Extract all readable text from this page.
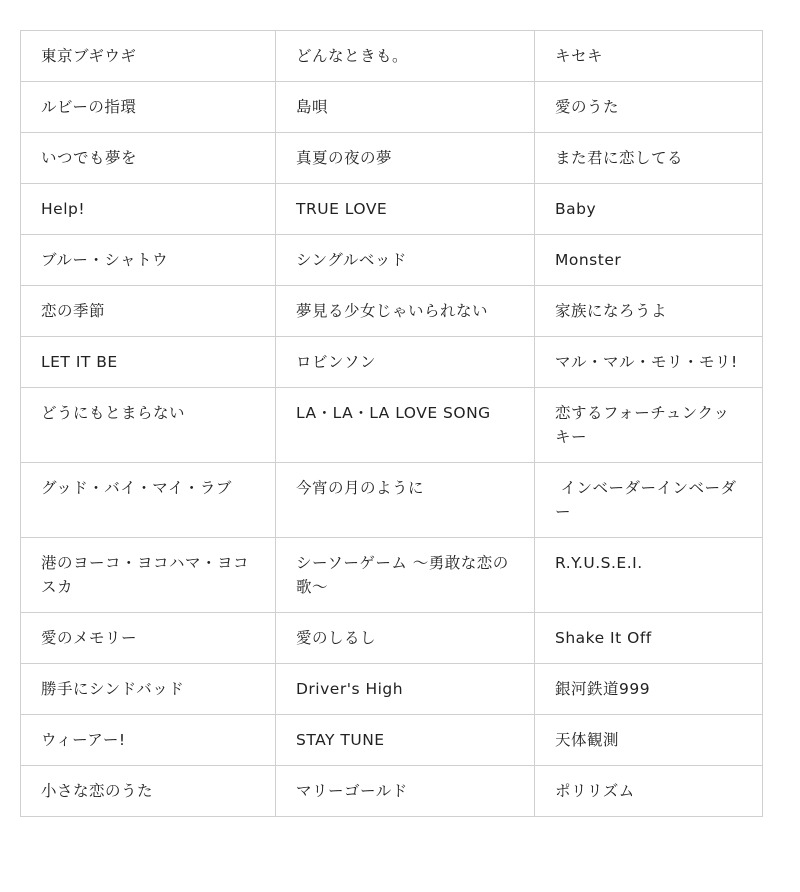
東京ブギウギ	どんなときも。	キセキ
ルビーの指環	島唄	愛のうた
いつでも夢を	真夏の夜の夢	また君に恋してる
Help!	TRUE LOVE	Baby
ブルー・シャトウ	シングルベッド	Monster
恋の季節	夢見る少女じゃいられない	家族になろうよ
LET IT BE	ロビンソン	マル・マル・モリ・モリ!
どうにもとまらない	LA・LA・LA LOVE SONG	恋するフォーチュンクッキー
グッド・バイ・マイ・ラブ	今宵の月のように	インベーダーインベーダー
港のヨーコ・ヨコハマ・ヨコスカ	シーソーゲーム 〜勇敢な恋の歌〜	R.Y.U.S.E.I.
愛のメモリー	愛のしるし	Shake It Off
勝手にシンドバッド	Driver's High	銀河鉄道999
ウィーアー!	STAY TUNE	天体観測
小さな恋のうた	マリーゴールド	ポリリズム
